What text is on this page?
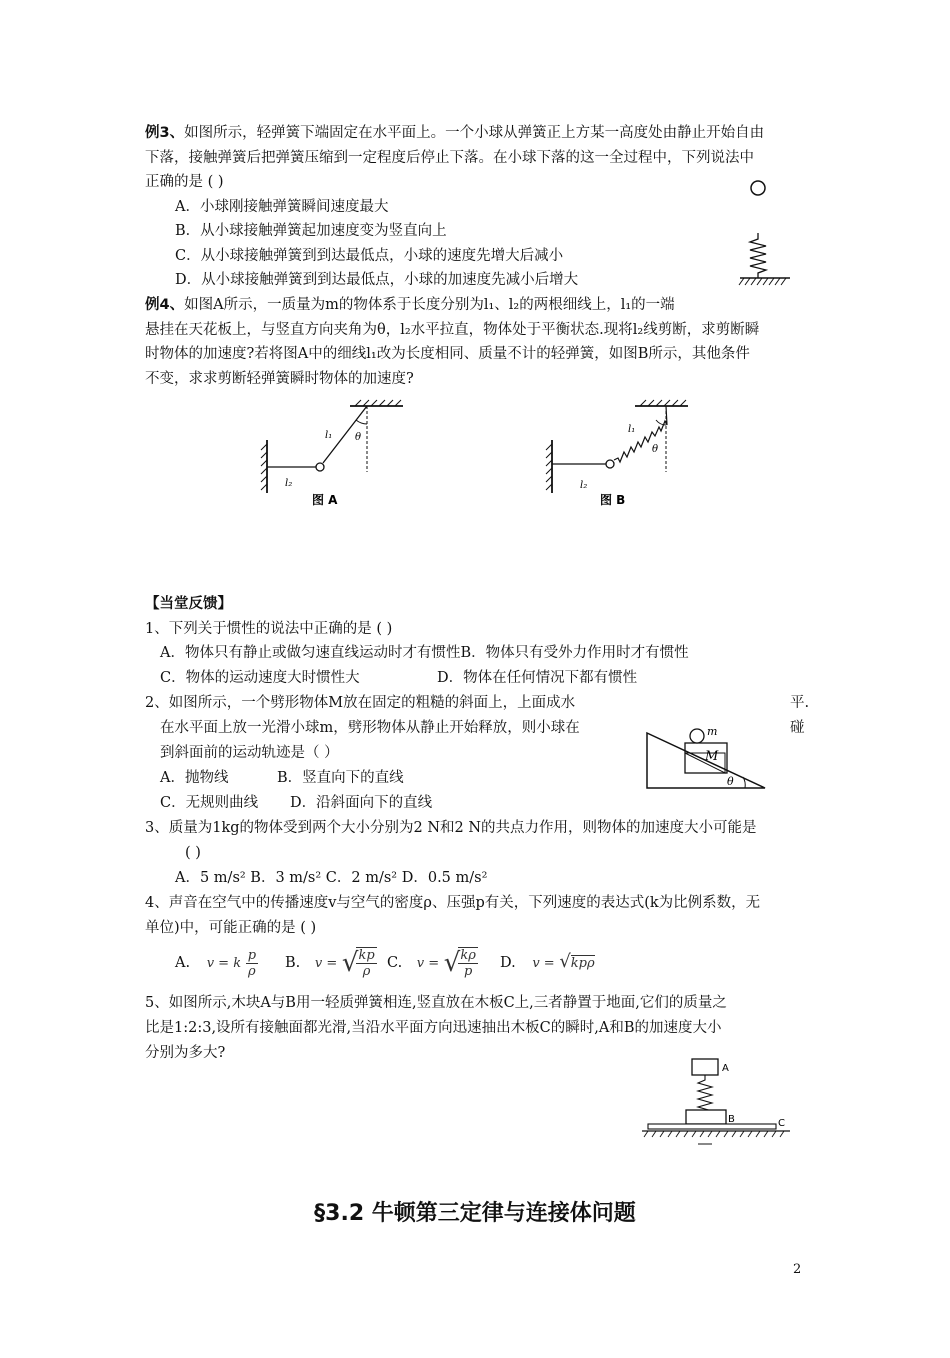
例3、如图所示，轻弹簧下端固定在水平面上。一个小球从弹簧正上方某一高度处由静止开始自由
下落，接触弹簧后把弹簧压缩到一定程度后停止下落。在小球下落的这一全过程中，下列说法中
正确的是 ( )
A．小球刚接触弹簧瞬间速度最大
B．从小球接触弹簧起加速度变为竖直向上
C．从小球接触弹簧到到达最低点，小球的速度先增大后减小
D．从小球接触弹簧到到达最低点，小球的加速度先减小后增大
例4、如图A所示，一质量为m的物体系于长度分别为l₁、l₂的两根细线上，l₁的一端
悬挂在天花板上，与竖直方向夹角为θ，l₂水平拉直，物体处于平衡状态.现将l₂线剪断，求剪断瞬
时物体的加速度?若将图A中的细线l₁改为长度相同、质量不计的轻弹簧，如图B所示，其他条件
不变，求求剪断轻弹簧瞬时物体的加速度?
l₁ θ
l₂
图 A
l₁
θ
l₂
图 B
【当堂反馈】
1、下列关于惯性的说法中正确的是 ( )
A．物体只有静止或做匀速直线运动时才有惯性B．物体只有受外力作用时才有惯性
C．物体的运动速度大时惯性大	D．物体在任何情况下都有惯性
2、如图所示，一个劈形物体M放在固定的粗糙的斜面上，上面成水	平.
在水平面上放一光滑小球m，劈形物体从静止开始释放，则小球在	碰
到斜面前的运动轨迹是（ ）
A．抛物线	B．竖直向下的直线
C．无规则曲线 D．沿斜面向下的直线
m
M
θ
3、质量为1kg的物体受到两个大小分别为2 N和2 N的共点力作用，则物体的加速度大小可能是
( )
A．5 m/s² B．3 m/s² C．2 m/s² D．0.5 m/s²
4、声音在空气中的传播速度v与空气的密度ρ、压强p有关，下列速度的表达式(k为比例系数，无
单位)中，可能正确的是 ( )
A. v = k $\frac{p}{\rho} B$. v = √
$\frac{kp}{\rho} C$. v = √
$\frac{k\rho}{p} D$. v = √kpρ
5、如图所示,木块A与B用一轻质弹簧相连,竖直放在木板C上,三者静置于地面,它们的质量之
比是1:2:3,设所有接触面都光滑,当沿水平面方向迅速抽出木板C的瞬时,A和B的加速度大小
分别为多大?
A
B	C
§3.2 牛顿第三定律与连接体问题
2
